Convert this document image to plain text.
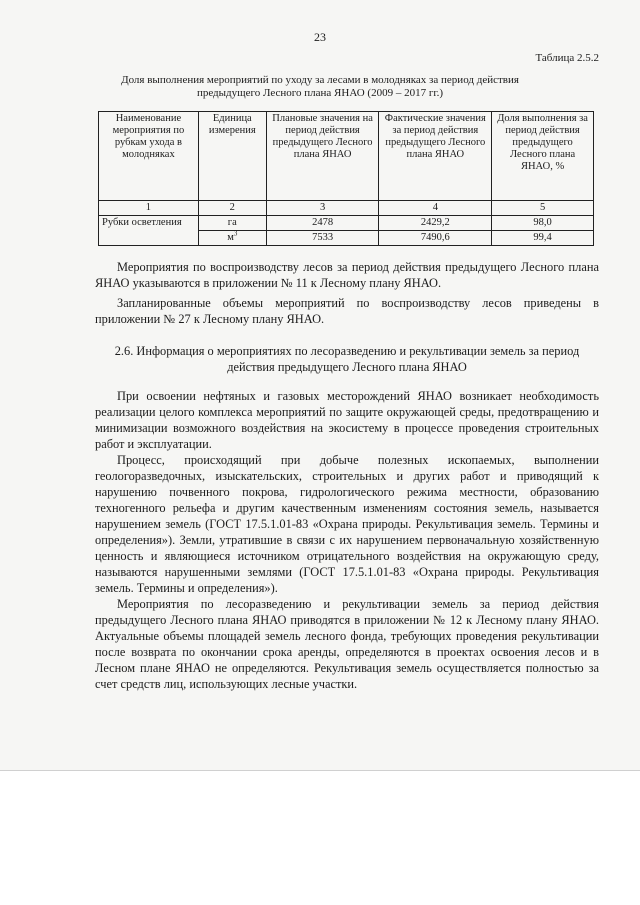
23
Таблица 2.5.2
Доля выполнения мероприятий по уходу за лесами в молодняках за период действия предыдущего Лесного плана ЯНАО (2009 – 2017 гг.)
Наименование мероприятия по рубкам ухода в молодняках	Единица измерения	Плановые значения на период действия предыдущего Лесного плана ЯНАО	Фактические значения за период действия предыдущего Лесного плана ЯНАО	Доля выполнения за период действия предыдущего Лесного плана ЯНАО, %
1	2	3	4	5
Рубки осветления	га	2478	2429,2	98,0
	$м^3$	7533	7490,6	99,4

Мероприятия по воспроизводству лесов за период действия предыдущего Лесного плана ЯНАО указываются в приложении № 11 к Лесному плану ЯНАО.

Запланированные объемы мероприятий по воспроизводству лесов приведены в приложении № 27 к Лесному плану ЯНАО.

2.6. Информация о мероприятиях по лесоразведению и рекультивации земель за период действия предыдущего Лесного плана ЯНАО

При освоении нефтяных и газовых месторождений ЯНАО возникает необходимость реализации целого комплекса мероприятий по защите окружающей среды, предотвращению и минимизации возможного воздействия на экосистему в процессе проведения строительных работ и эксплуатации.

Процесс, происходящий при добыче полезных ископаемых, выполнении геологоразведочных, изыскательских, строительных и других работ и приводящий к нарушению почвенного покрова, гидрологического режима местности, образованию техногенного рельефа и другим качественным изменениям состояния земель, называется нарушением земель (ГОСТ 17.5.1.01-83 «Охрана природы. Рекультивация земель. Термины и определения»). Земли, утратившие в связи с их нарушением первоначальную хозяйственную ценность и являющиеся источником отрицательного воздействия на окружающую среду, называются нарушенными землями (ГОСТ 17.5.1.01-83 «Охрана природы. Рекультивация земель. Термины и определения»).

Мероприятия по лесоразведению и рекультивации земель за период действия предыдущего Лесного плана ЯНАО приводятся в приложении № 12 к Лесному плану ЯНАО. Актуальные объемы площадей земель лесного фонда, требующих проведения рекультивации после возврата по окончании срока аренды, определяются в проектах освоения лесов и в Лесном плане ЯНАО не определяются. Рекультивация земель осуществляется полностью за счет средств лиц, использующих лесные участки.
